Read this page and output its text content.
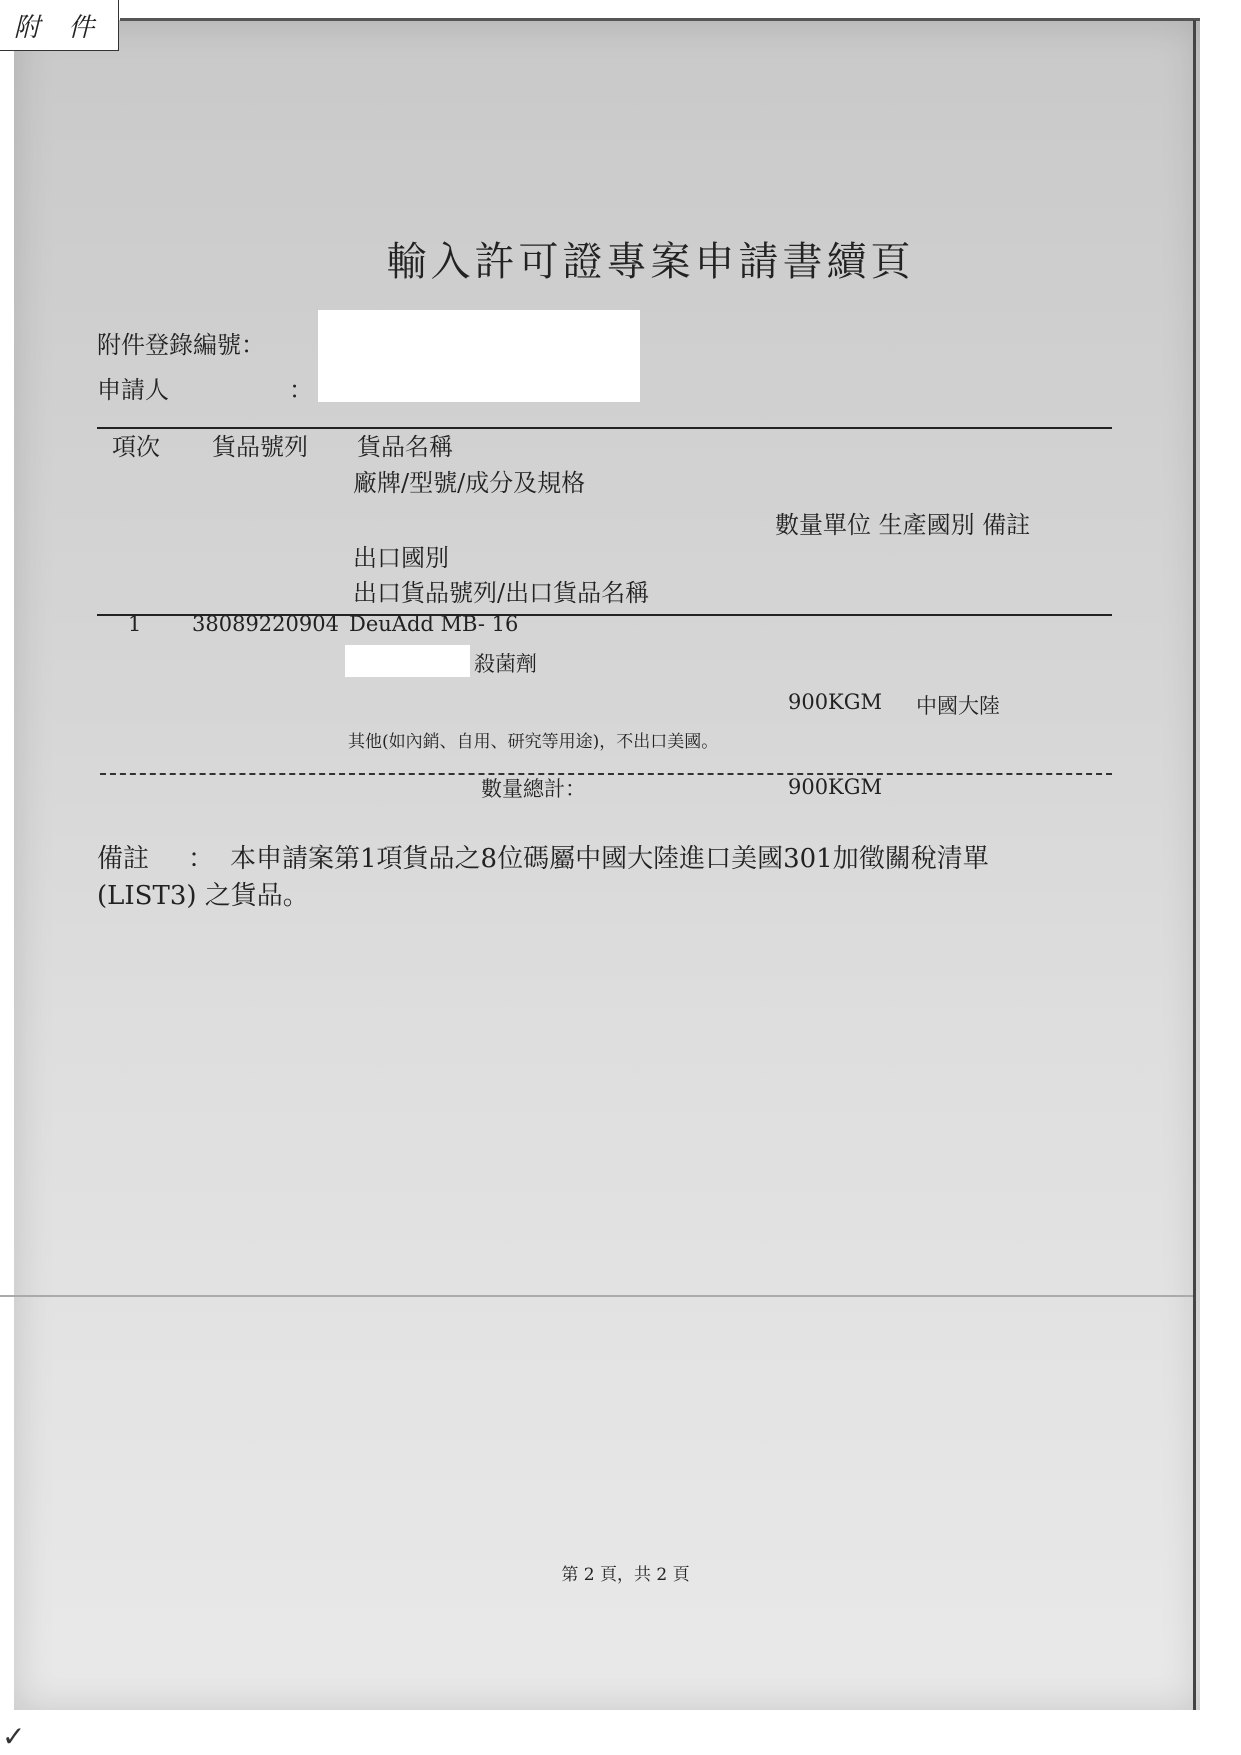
附 件
輸入許可證專案申請書續頁
附件登錄編號：
申請人	：
項次 貨品號列 貨品名稱
廠牌/型號/成分及規格
數量單位 生產國別 備註
出口國別
出口貨品號列/出口貨品名稱
1 38089220904 DeuAdd MB- 16
殺菌劑
900 KGM 中國大陸
其他(如內銷、自用、研究等用途)，不出口美國。
數量總計：	900 KGM
備註 ： 本申請案第1項貨品之8位碼屬中國大陸進口美國301加徵關稅清單
(LIST3) 之貨品。
第 2 頁，共 2 頁
✓
